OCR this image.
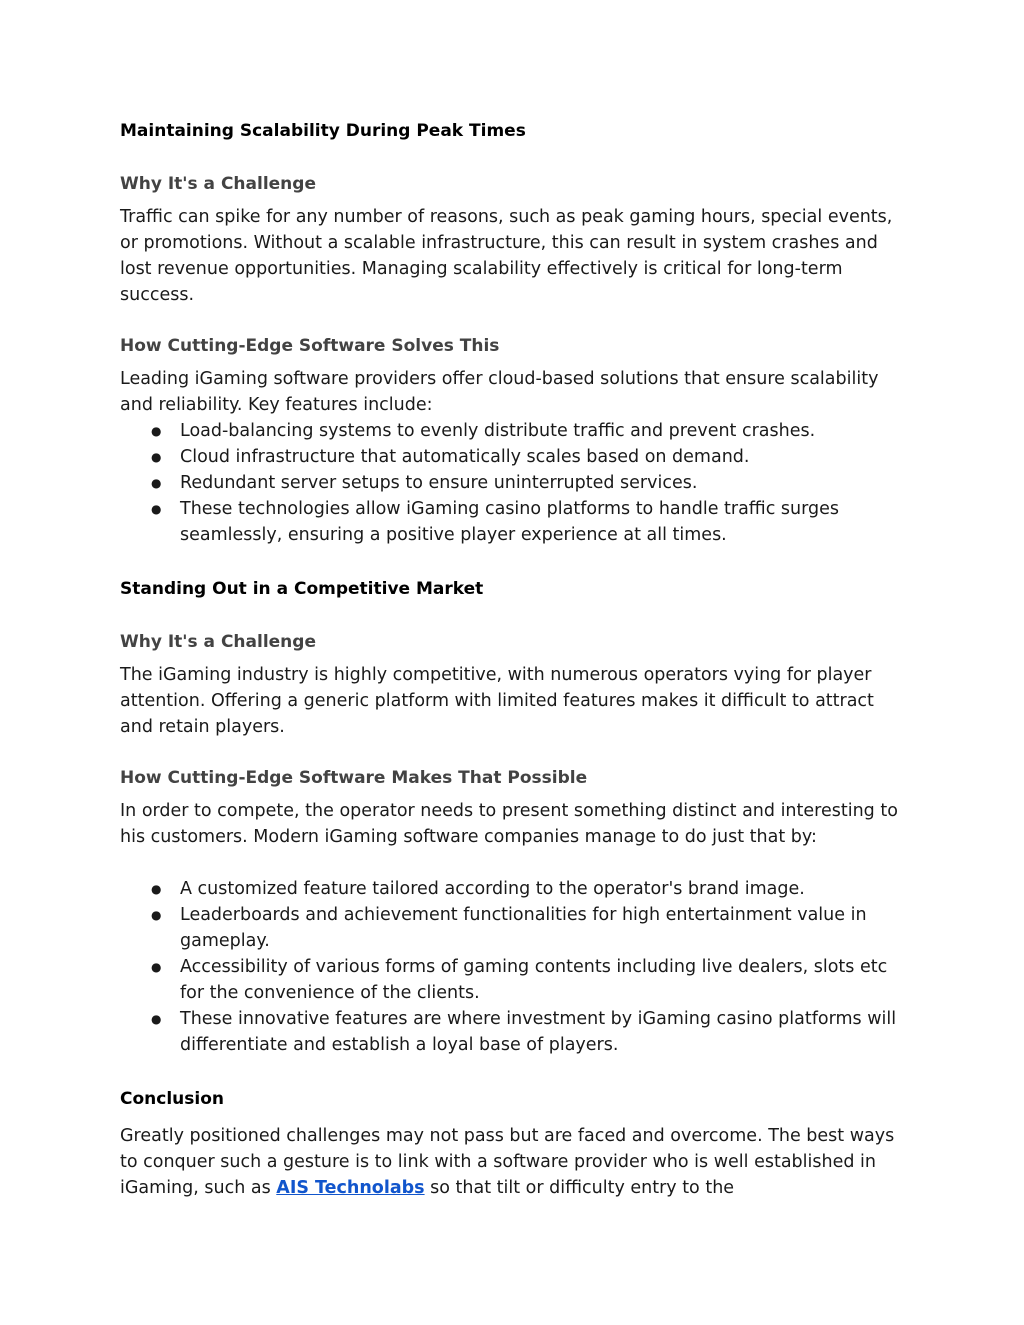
Maintaining Scalability During Peak Times
Why It's a Challenge

Traffic can spike for any number of reasons, such as peak gaming hours, special events, or promotions. Without a scalable infrastructure, this can result in system crashes and lost revenue opportunities. Managing scalability effectively is critical for long-term success.

How Cutting-Edge Software Solves This

Leading iGaming software providers offer cloud-based solutions that ensure scalability and reliability. Key features include:

● Load-balancing systems to evenly distribute traffic and prevent crashes.
● Cloud infrastructure that automatically scales based on demand.
● Redundant server setups to ensure uninterrupted services.
● These technologies allow iGaming casino platforms to handle traffic surges seamlessly, ensuring a positive player experience at all times.
Standing Out in a Competitive Market
Why It's a Challenge

The iGaming industry is highly competitive, with numerous operators vying for player attention. Offering a generic platform with limited features makes it difficult to attract and retain players.

How Cutting-Edge Software Makes That Possible

In order to compete, the operator needs to present something distinct and interesting to his customers. Modern iGaming software companies manage to do just that by:

● A customized feature tailored according to the operator's brand image.
● Leaderboards and achievement functionalities for high entertainment value in gameplay.
● Accessibility of various forms of gaming contents including live dealers, slots etc for the convenience of the clients.
● These innovative features are where investment by iGaming casino platforms will differentiate and establish a loyal base of players.
Conclusion

Greatly positioned challenges may not pass but are faced and overcome. The best ways to conquer such a gesture is to link with a software provider who is well established in iGaming, such as AIS Technolabs so that tilt or difficulty entry to the
